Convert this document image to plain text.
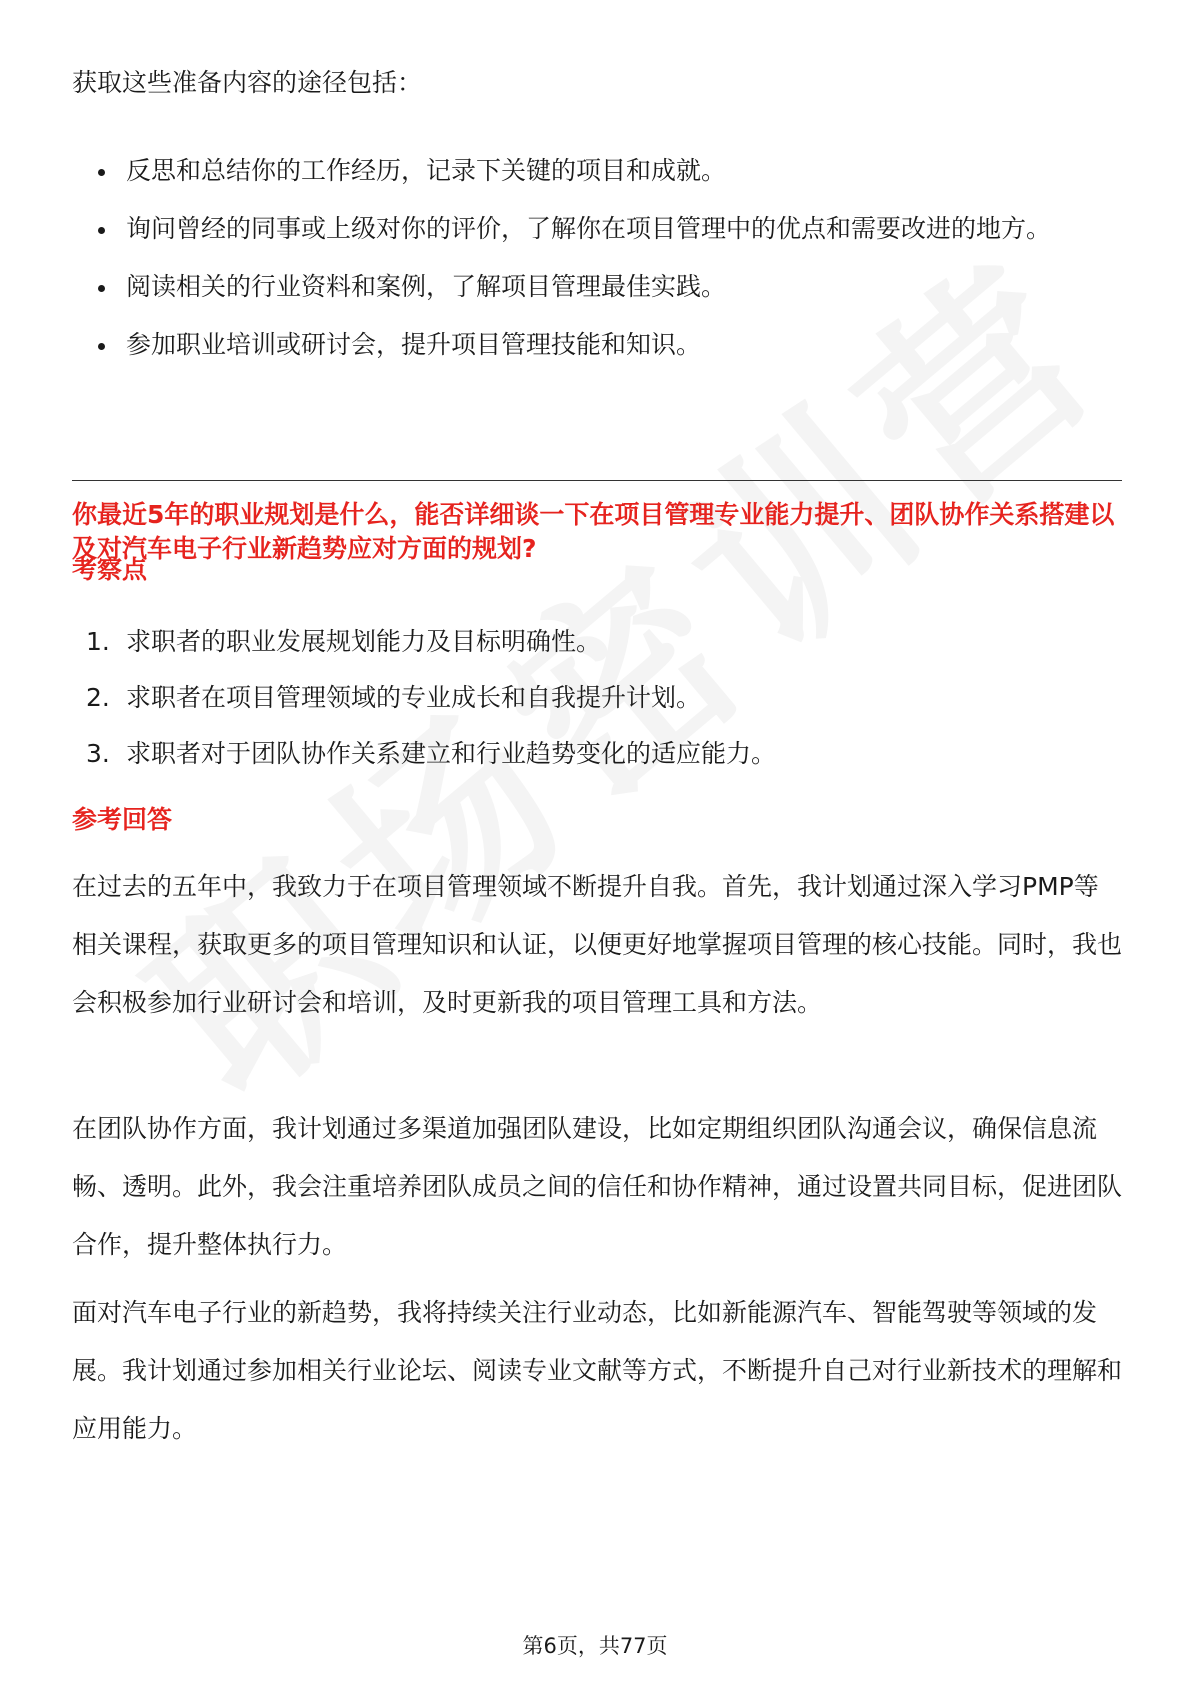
获取这些准备内容的途径包括：

反思和总结你的工作经历，记录下关键的项目和成就。
询问曾经的同事或上级对你的评价，了解你在项目管理中的优点和需要改进的地方。
阅读相关的行业资料和案例，了解项目管理最佳实践。
参加职业培训或研讨会，提升项目管理技能和知识。

你最近5年的职业规划是什么，能否详细谈一下在项目管理专业能力提升、团队协作关系搭建以及对汽车电子行业新趋势应对方面的规划?

考察点

1. 求职者的职业发展规划能力及目标明确性。
2. 求职者在项目管理领域的专业成长和自我提升计划。
3. 求职者对于团队协作关系建立和行业趋势变化的适应能力。

参考回答

在过去的五年中，我致力于在项目管理领域不断提升自我。首先，我计划通过深入学习PMP等相关课程，获取更多的项目管理知识和认证，以便更好地掌握项目管理的核心技能。同时，我也会积极参加行业研讨会和培训，及时更新我的项目管理工具和方法。

在团队协作方面，我计划通过多渠道加强团队建设，比如定期组织团队沟通会议，确保信息流畅、透明。此外，我会注重培养团队成员之间的信任和协作精神，通过设置共同目标，促进团队合作，提升整体执行力。

面对汽车电子行业的新趋势，我将持续关注行业动态，比如新能源汽车、智能驾驶等领域的发展。我计划通过参加相关行业论坛、阅读专业文献等方式，不断提升自己对行业新技术的理解和应用能力。

第6页，共77页
